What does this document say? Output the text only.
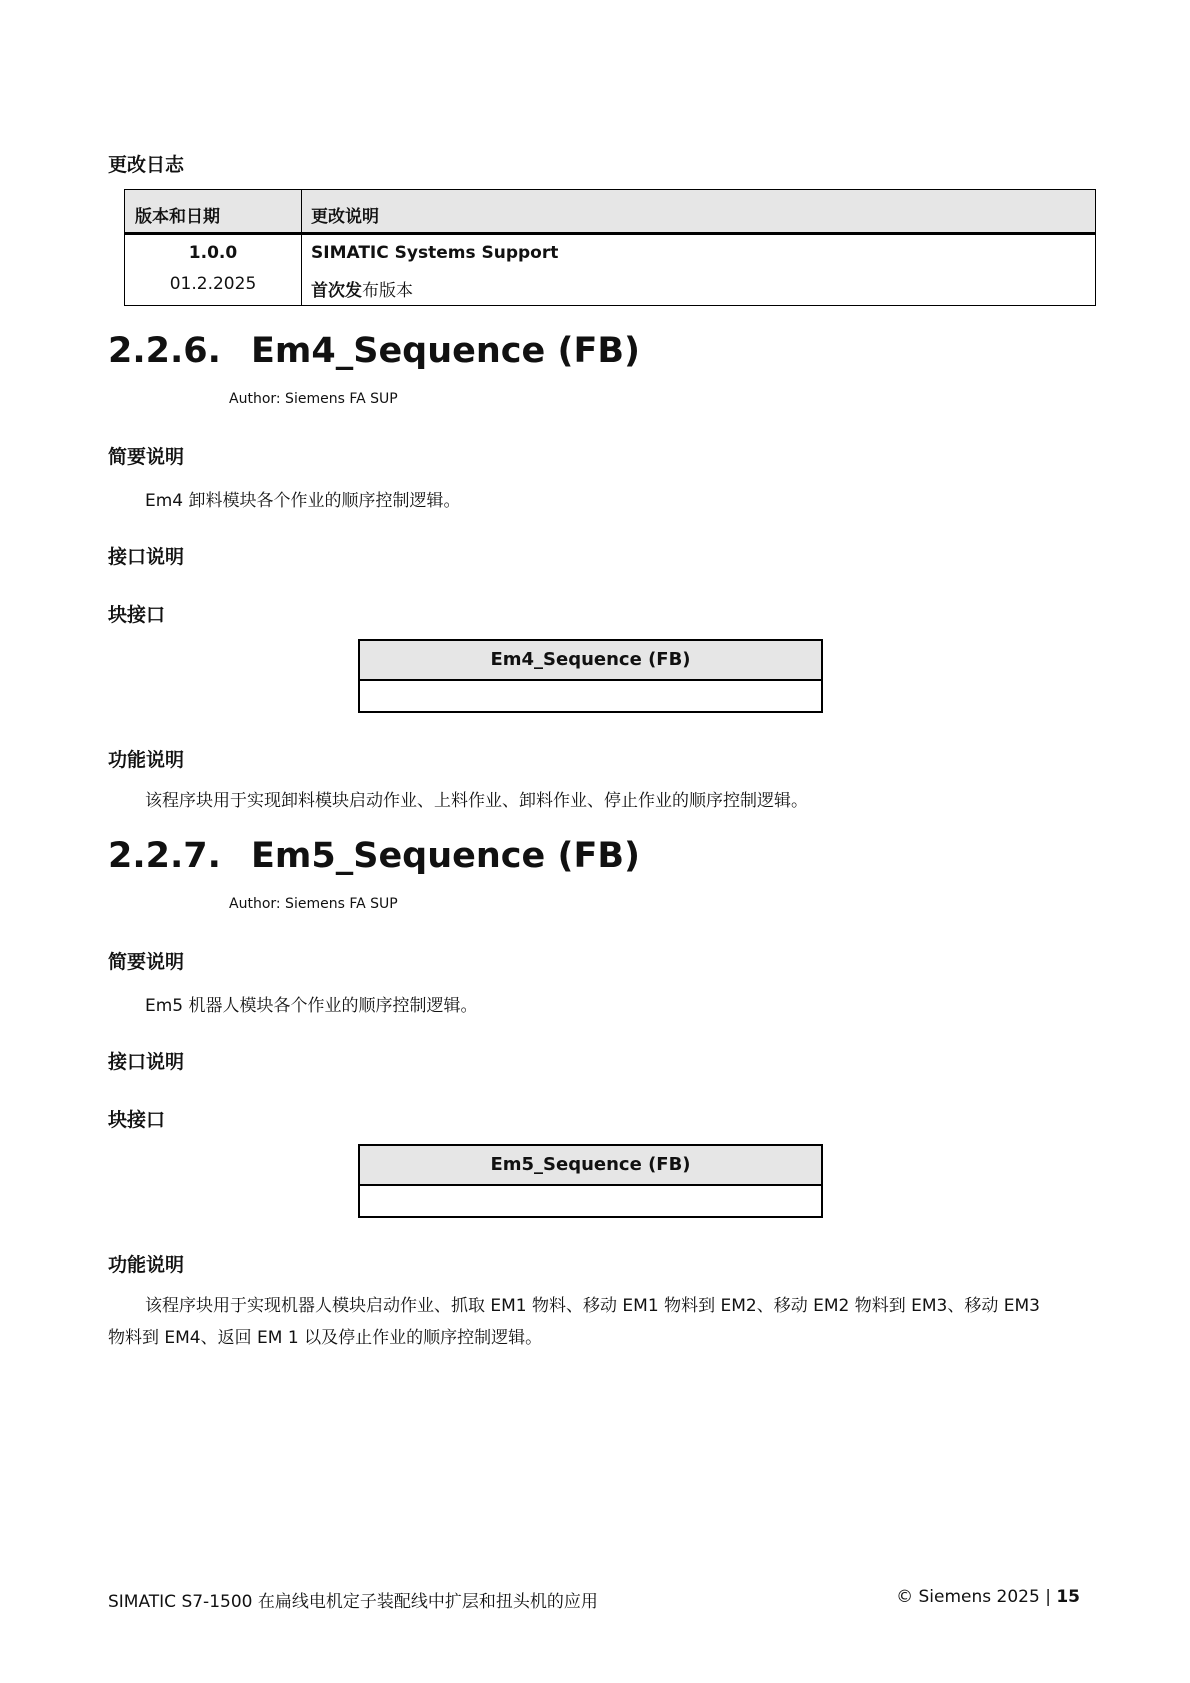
更改日志
版本和日期	更改说明
1.0.0
01.2.2025
SIMATIC Systems Support
首次发布版本
2.2.6. Em4_Sequence (FB)
Author: Siemens FA SUP
简要说明
Em4 卸料模块各个作业的顺序控制逻辑。
接口说明
块接口
Em4_Sequence (FB)
功能说明
该程序块用于实现卸料模块启动作业、上料作业、卸料作业、停止作业的顺序控制逻辑。
2.2.7. Em5_Sequence (FB)
Author: Siemens FA SUP
简要说明
Em5 机器人模块各个作业的顺序控制逻辑。
接口说明
块接口
Em5_Sequence (FB)
功能说明
该程序块用于实现机器人模块启动作业、抓取 EM1 物料、移动 EM1 物料到 EM2、移动 EM2 物料到 EM3、移动 EM3
物料到 EM4、返回 EM 1 以及停止作业的顺序控制逻辑。
SIMATIC S7-1500 在扁线电机定子装配线中扩层和扭头机的应用	© Siemens 2025 | 15
